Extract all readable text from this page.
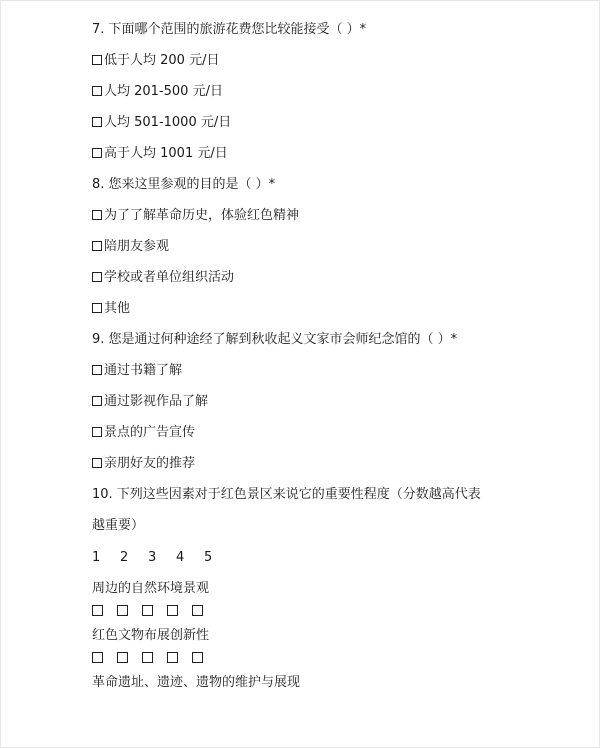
7. 下面哪个范围的旅游花费您比较能接受（ ）*
低于人均 200 元/日
人均 201-500 元/日
人均 501-1000 元/日
高于人均 1001 元/日
8. 您来这里参观的目的是（ ）*
为了了解革命历史，体验红色精神
陪朋友参观
学校或者单位组织活动
其他
9. 您是通过何种途经了解到秋收起义文家市会师纪念馆的（ ）*
通过书籍了解
通过影视作品了解
景点的广告宣传
亲朋好友的推荐
10. 下列这些因素对于红色景区来说它的重要性程度（分数越高代表
越重要）
1 2 3 4 5
周边的自然环境景观
红色文物布展创新性
革命遗址、遗迹、遗物的维护与展现
